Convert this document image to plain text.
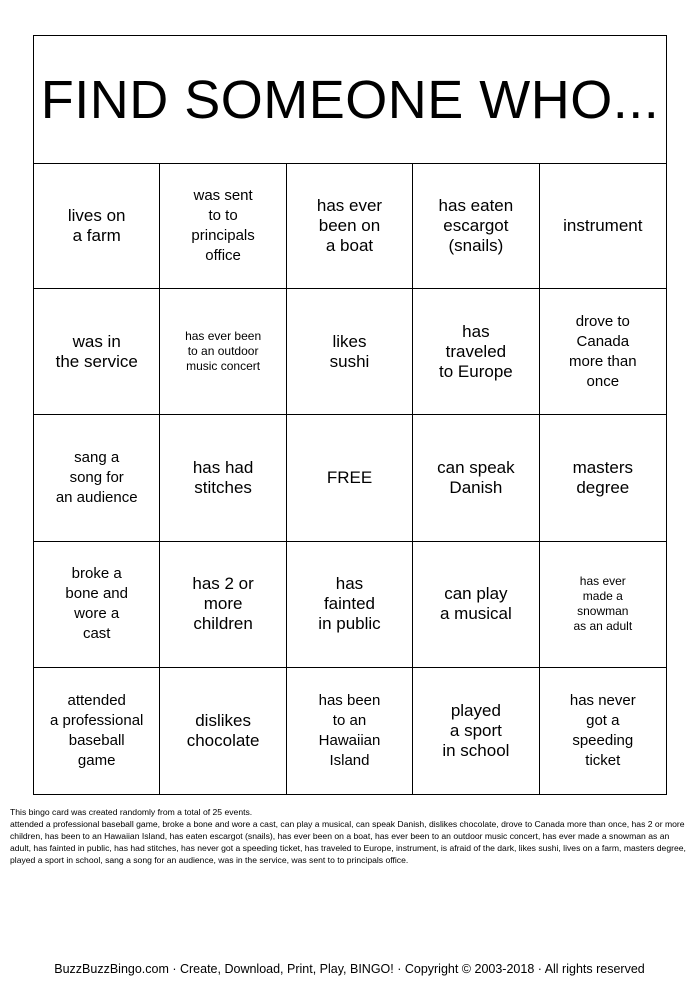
FIND SOMEONE WHO...
lives on
a farm
was sent
to to
principals
office
has ever
been on
a boat
has eaten
escargot
(snails)
instrument
was in
the service
has ever been
to an outdoor
music concert
likes
sushi
has
traveled
to Europe
drove to
Canada
more than
once
sang a
song for
an audience
has had
stitches
FREE
can speak
Danish
masters
degree
broke a
bone and
wore a
cast
has 2 or
more
children
has
fainted
in public
can play
a musical
has ever
made a
snowman
as an adult
attended
a professional
baseball
game
dislikes
chocolate
has been
to an
Hawaiian
Island
played
a sport
in school
has never
got a
speeding
ticket
This bingo card was created randomly from a total of 25 events.
attended a professional baseball game, broke a bone and wore a cast, can play a musical, can speak Danish, dislikes chocolate, drove to Canada more than once, has 2 or more children, has been to an Hawaiian Island, has eaten escargot (snails), has ever been on a boat, has ever been to an outdoor music concert, has ever made a snowman as an adult, has fainted in public, has had stitches, has never got a speeding ticket, has traveled to Europe, instrument, is afraid of the dark, likes sushi, lives on a farm, masters degree, played a sport in school, sang a song for an audience, was in the service, was sent to to principals office.
BuzzBuzzBingo.com · Create, Download, Print, Play, BINGO! · Copyright © 2003-2018 · All rights reserved
